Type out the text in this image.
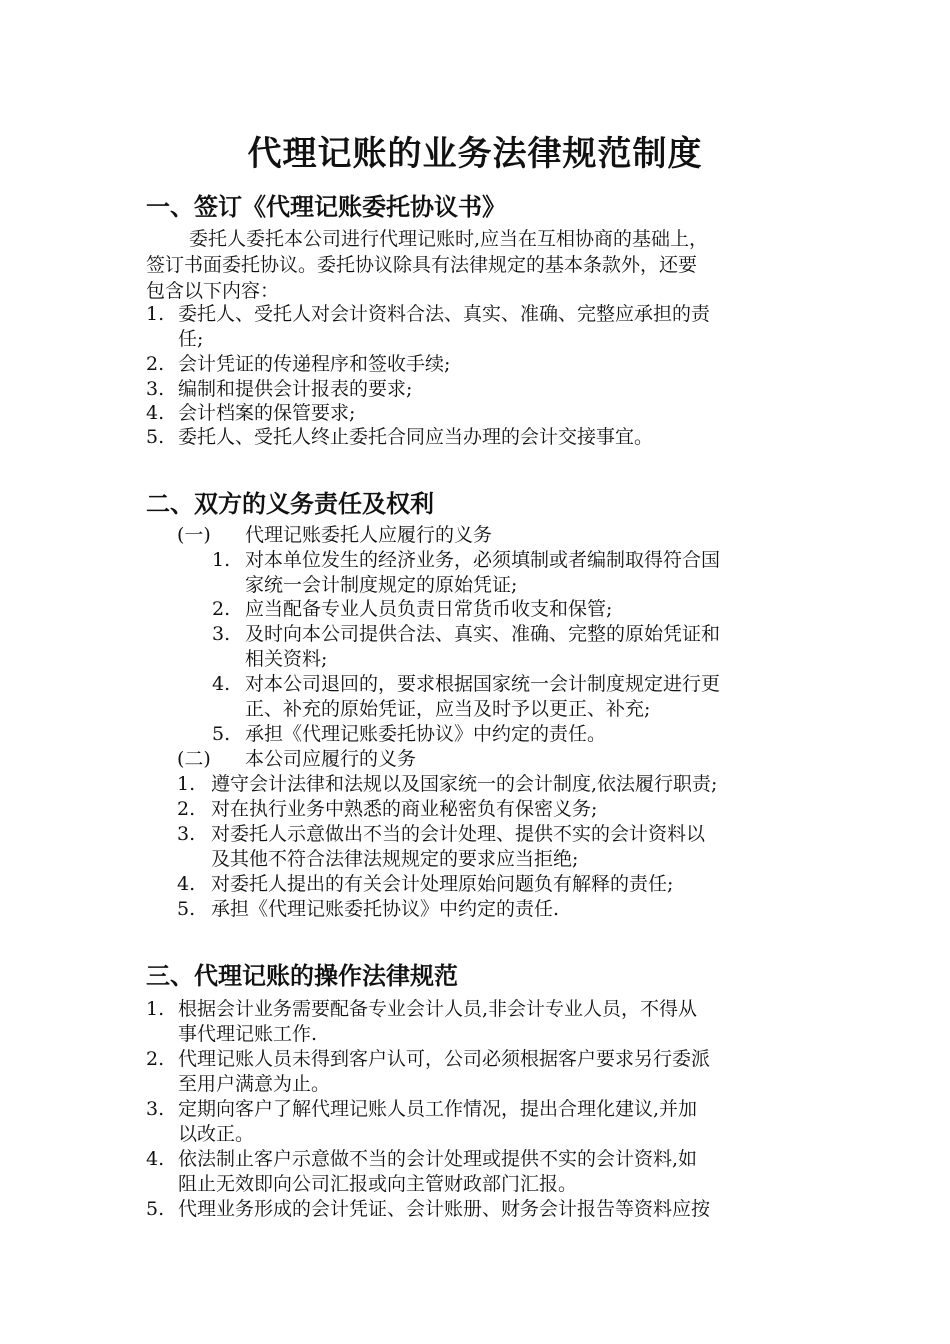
代理记账的业务法律规范制度
一、签订《代理记账委托协议书》
委托人委托本公司进行代理记账时,应当在互相协商的基础上，
签订书面委托协议。委托协议除具有法律规定的基本条款外，还要
包含以下内容：
1. 委托人、受托人对会计资料合法、真实、准确、完整应承担的责
任;
2. 会计凭证的传递程序和签收手续;
3. 编制和提供会计报表的要求;
4. 会计档案的保管要求;
5. 委托人、受托人终止委托合同应当办理的会计交接事宜。
二、双方的义务责任及权利
(一) 代理记账委托人应履行的义务
1. 对本单位发生的经济业务，必须填制或者编制取得符合国
家统一会计制度规定的原始凭证;
2. 应当配备专业人员负责日常货币收支和保管;
3. 及时向本公司提供合法、真实、准确、完整的原始凭证和
相关资料;
4. 对本公司退回的，要求根据国家统一会计制度规定进行更
正、补充的原始凭证，应当及时予以更正、补充;
5. 承担《代理记账委托协议》中约定的责任。
(二) 本公司应履行的义务
1. 遵守会计法律和法规以及国家统一的会计制度,依法履行职责;
2. 对在执行业务中熟悉的商业秘密负有保密义务;
3. 对委托人示意做出不当的会计处理、提供不实的会计资料以
及其他不符合法律法规规定的要求应当拒绝;
4. 对委托人提出的有关会计处理原始问题负有解释的责任;
5. 承担《代理记账委托协议》中约定的责任.
三、代理记账的操作法律规范
1. 根据会计业务需要配备专业会计人员,非会计专业人员，不得从
事代理记账工作.
2. 代理记账人员未得到客户认可，公司必须根据客户要求另行委派
至用户满意为止。
3. 定期向客户了解代理记账人员工作情况，提出合理化建议,并加
以改正。
4. 依法制止客户示意做不当的会计处理或提供不实的会计资料,如
阻止无效即向公司汇报或向主管财政部门汇报。
5. 代理业务形成的会计凭证、会计账册、财务会计报告等资料应按
